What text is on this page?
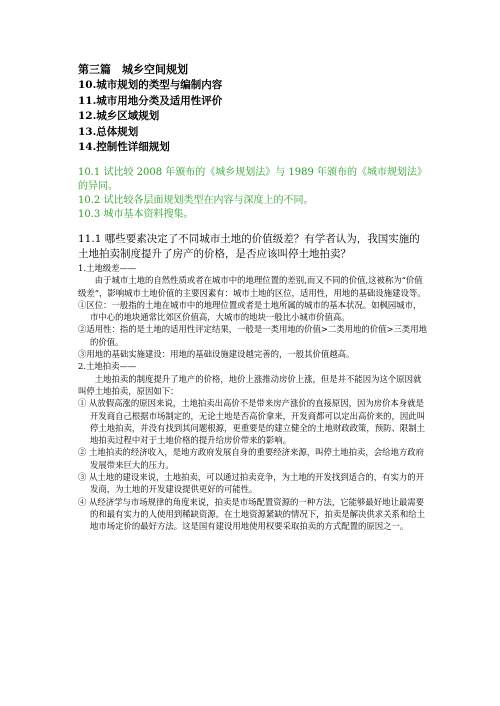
第三篇　城乡空间规划

10.城市规划的类型与编制内容

11.城市用地分类及适用性评价

12.城乡区域规划

13.总体规划

14.控制性详细规划

10.1 试比较 2008 年颁布的《城乡规划法》与 1989 年颁布的《城市规划法》的异同。

10.2 试比较各层面规划类型在内容与深度上的不同。

10.3 城市基本资料搜集。

11.1 哪些要素决定了不同城市土地的价值级差？有学者认为，我国实施的土地拍卖制度提升了房产的价格，是否应该叫停土地拍卖？

1.土地级差——

由于城市土地的自然性质或者在城市中的地理位置的差别,而又不同的价值,这被称为“价值级差”，影响城市土地价值的主要因素有：城市土地的区位，适用性，用地的基础设施建设等。

①区位：一般指的土地在城市中的地理位置或者是土地所属的城市的基本状况。如枫园城市，市中心的地块通常比郊区价值高，大城市的地块一般比小城市价值高。

②适用性：指的是土地的适用性评定结果，一般是一类用地的价值>二类用地的价值>三类用地的价值。

③用地的基础实施建设：用地的基础设施建设越完善的，一般其价值越高。

2.土地拍卖——

土地拍卖的制度提升了地产的价格，地价上涨推动房价上涨，但是并不能因为这个原因就叫停土地拍卖，原因如下：

① 从放假高涨的原因来说，土地拍卖出高价不是带来房产涨价的直接原因，因为房价本身就是开发商自己根据市场制定的，无论土地是否高价拿来，开发商都可以定出高价来的，因此叫停土地拍卖，并没有找到其问题根源，更重要是的建立健全的土地财政政策，预防、限制土地拍卖过程中对于土地价格的提升给房价带来的影响。

② 土地拍卖的经济收入，是地方政府发展自身的重要经济来源，叫停土地拍卖，会给地方政府发展带来巨大的压力。

③ 从土地的建设来说，土地拍卖，可以通过拍卖竞争，为土地的开发找到适合的，有实力的开发商，为土地的开发建设提供更好的可能性。

④ 从经济学与市场规律的角度来说，拍卖是市场配置资源的一种方法，它能够最好地让最需要的和最有实力的人使用到稀缺资源。在土地资源紧缺的情况下，拍卖是解决供求关系和给土地市场定价的最好方法。这是国有建设用地使用权要采取拍卖的方式配置的原因之一。
